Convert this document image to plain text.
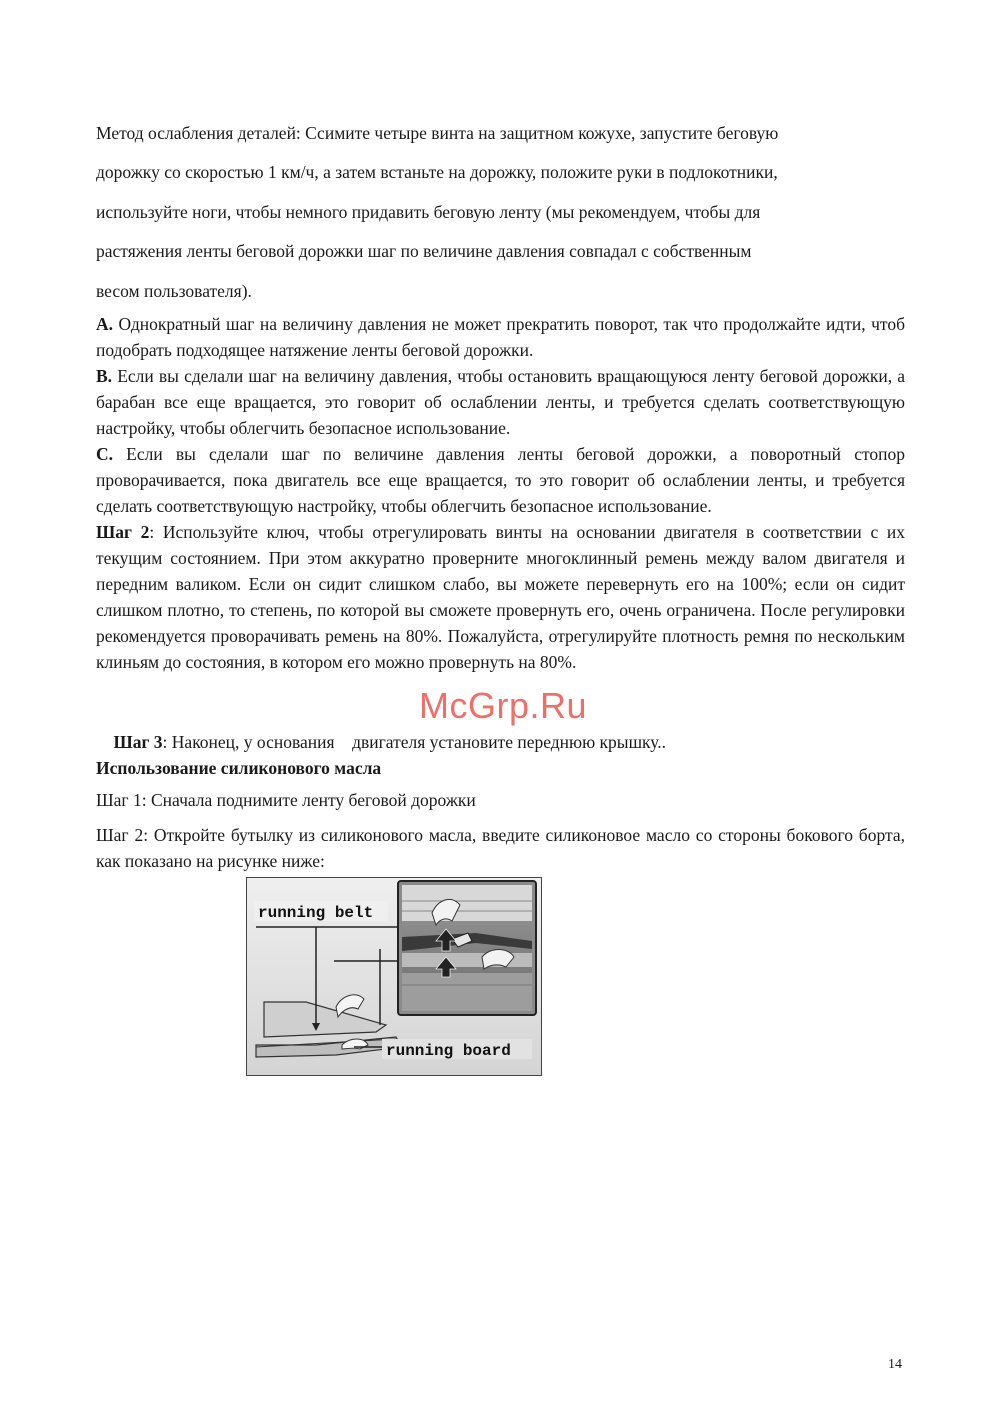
Метод ослабления деталей: Ссимите четыре винта на защитном кожухе, запустите беговую
дорожку со скоростью 1 км/ч, а затем встаньте на дорожку, положите руки в подлокотники,
используйте ноги, чтобы немного придавить беговую ленту (мы рекомендуем, чтобы для
растяжения ленты беговой дорожки шаг по величине давления совпадал с собственным
весом пользователя).
А. Однократный шаг на величину давления не может прекратить поворот, так что продолжайте идти, чтоб подобрать подходящее натяжение ленты беговой дорожки.
В. Если вы сделали шаг на величину давления, чтобы остановить вращающуюся ленту беговой дорожки, а барабан все еще вращается, это говорит об ослаблении ленты, и требуется сделать соответствующую настройку, чтобы облегчить безопасное использование.
С. Если вы сделали шаг по величине давления ленты беговой дорожки, а поворотный стопор проворачивается, пока двигатель все еще вращается, то это говорит об ослаблении ленты, и требуется сделать соответствующую настройку, чтобы облегчить безопасное использование.
Шаг 2: Используйте ключ, чтобы отрегулировать винты на основании двигателя в соответствии с их текущим состоянием. При этом аккуратно проверните многоклинный ремень между валом двигателя и передним валиком. Если он сидит слишком слабо, вы можете перевернуть его на 100%; если он сидит слишком плотно, то степень, по которой вы сможете провернуть его, очень ограничена. После регулировки рекомендуется проворачивать ремень на 80%. Пожалуйста, отрегулируйте плотность ремня по нескольким клиньям до состояния, в котором его можно провернуть на 80%.

Шаг 3: Наконец, у основания    двигателя установите переднюю крышку..

McGrp.Ru
Использование силиконового масла
Шаг 1: Сначала поднимите ленту беговой дорожки
Шаг 2: Откройте бутылку из силиконового масла, введите силиконовое масло со стороны бокового борта, как показано на рисунке ниже:
running belt
running board
14
